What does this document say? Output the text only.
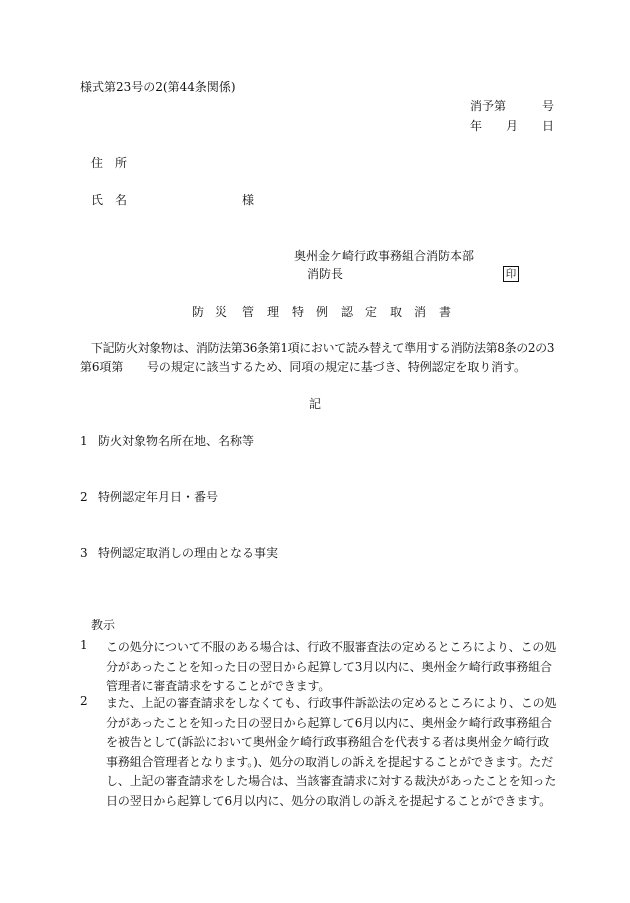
様式第23号の2(第44条関係)
消予第　　　号
年　　月　　日
住　所
氏　名	様
奥州金ケ崎行政事務組合消防本部
消防長	印
防 災 管 理 特 例 認 定 取 消 書
下記防火対象物は、消防法第36条第1項において読み替えて準用する消防法第8条の2の3
第6項第　　号の規定に該当するため、同項の規定に基づき、特例認定を取り消す。
記
1 防火対象物名所在地、名称等
2 特例認定年月日・番号
3 特例認定取消しの理由となる事実
教示
1 この処分について不服のある場合は、行政不服審査法の定めるところにより、この処分があったことを知った日の翌日から起算して3月以内に、奥州金ケ崎行政事務組合管理者に審査請求をすることができます。
2 また、上記の審査請求をしなくても、行政事件訴訟法の定めるところにより、この処分があったことを知った日の翌日から起算して6月以内に、奥州金ケ崎行政事務組合を被告として(訴訟において奥州金ケ崎行政事務組合を代表する者は奥州金ケ崎行政事務組合管理者となります。)、処分の取消しの訴えを提起することができます。ただし、上記の審査請求をした場合は、当該審査請求に対する裁決があったことを知った日の翌日から起算して6月以内に、処分の取消しの訴えを提起することができます。
